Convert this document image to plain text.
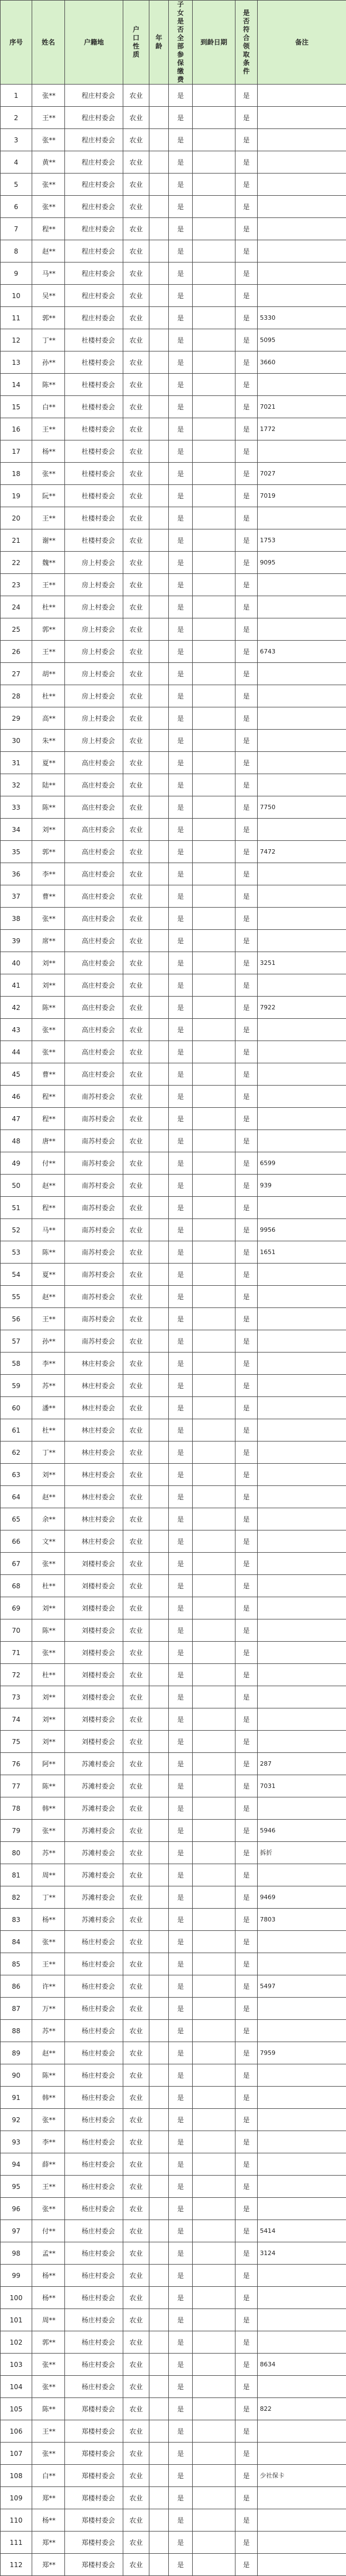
序号	姓名	户籍地	户口性质	年龄	子女是否全部参保缴费	到龄日期	是否符合领取条件	备注
1	张**	程庄村委会	农业		是		是	
2	王**	程庄村委会	农业		是		是	
3	张**	程庄村委会	农业		是		是	
4	黄**	程庄村委会	农业		是		是	
5	张**	程庄村委会	农业		是		是	
6	张**	程庄村委会	农业		是		是	
7	程**	程庄村委会	农业		是		是	
8	赵**	程庄村委会	农业		是		是	
9	马**	程庄村委会	农业		是		是	
10	吴**	程庄村委会	农业		是		是	
11	郭**	程庄村委会	农业		是		是	5330
12	丁**	杜楼村委会	农业		是		是	5095
13	孙**	杜楼村委会	农业		是		是	3660
14	陈**	杜楼村委会	农业		是		是	
15	白**	杜楼村委会	农业		是		是	7021
16	王**	杜楼村委会	农业		是		是	1772
17	杨**	杜楼村委会	农业		是		是	
18	张**	杜楼村委会	农业		是		是	7027
19	阮**	杜楼村委会	农业		是		是	7019
20	王**	杜楼村委会	农业		是		是	
21	谢**	杜楼村委会	农业		是		是	1753
22	魏**	房上村委会	农业		是		是	9095
23	王**	房上村委会	农业		是		是	
24	杜**	房上村委会	农业		是		是	
25	郭**	房上村委会	农业		是		是	
26	王**	房上村委会	农业		是		是	6743
27	胡**	房上村委会	农业		是		是	
28	杜**	房上村委会	农业		是		是	
29	高**	房上村委会	农业		是		是	
30	朱**	房上村委会	农业		是		是	
31	夏**	高庄村委会	农业		是		是	
32	陆**	高庄村委会	农业		是		是	
33	陈**	高庄村委会	农业		是		是	7750
34	刘**	高庄村委会	农业		是		是	
35	郭**	高庄村委会	农业		是		是	7472
36	李**	高庄村委会	农业		是		是	
37	曹**	高庄村委会	农业		是		是	
38	张**	高庄村委会	农业		是		是	
39	席**	高庄村委会	农业		是		是	
40	刘**	高庄村委会	农业		是		是	3251
41	刘**	高庄村委会	农业		是		是	
42	陈**	高庄村委会	农业		是		是	7922
43	张**	高庄村委会	农业		是		是	
44	张**	高庄村委会	农业		是		是	
45	曹**	高庄村委会	农业		是		是	
46	程**	南苏村委会	农业		是		是	
47	程**	南苏村委会	农业		是		是	
48	唐**	南苏村委会	农业		是		是	
49	付**	南苏村委会	农业		是		是	6599
50	赵**	南苏村委会	农业		是		是	939
51	程**	南苏村委会	农业		是		是	
52	马**	南苏村委会	农业		是		是	9956
53	陈**	南苏村委会	农业		是		是	1651
54	夏**	南苏村委会	农业		是		是	
55	赵**	南苏村委会	农业		是		是	
56	王**	南苏村委会	农业		是		是	
57	孙**	南苏村委会	农业		是		是	
58	李**	林庄村委会	农业		是		是	
59	苏**	林庄村委会	农业		是		是	
60	潘**	林庄村委会	农业		是		是	
61	杜**	林庄村委会	农业		是		是	
62	丁**	林庄村委会	农业		是		是	
63	刘**	林庄村委会	农业		是		是	
64	赵**	林庄村委会	农业		是		是	
65	余**	林庄村委会	农业		是		是	
66	文**	林庄村委会	农业		是		是	
67	张**	刘楼村委会	农业		是		是	
68	杜**	刘楼村委会	农业		是		是	
69	刘**	刘楼村委会	农业		是		是	
70	陈**	刘楼村委会	农业		是		是	
71	张**	刘楼村委会	农业		是		是	
72	杜**	刘楼村委会	农业		是		是	
73	刘**	刘楼村委会	农业		是		是	
74	刘**	刘楼村委会	农业		是		是	
75	刘**	刘楼村委会	农业		是		是	
76	阿**	苏滩村委会	农业		是		是	287
77	陈**	苏滩村委会	农业		是		是	7031
78	韩**	苏滩村委会	农业		是		是	
79	张**	苏滩村委会	农业		是		是	5946
80	苏**	苏滩村委会	农业		是		是	拆折
81	周**	苏滩村委会	农业		是		是	
82	丁**	苏滩村委会	农业		是		是	9469
83	杨**	苏滩村委会	农业		是		是	7803
84	张**	杨庄村委会	农业		是		是	
85	王**	杨庄村委会	农业		是		是	
86	许**	杨庄村委会	农业		是		是	5497
87	万**	杨庄村委会	农业		是		是	
88	苏**	杨庄村委会	农业		是		是	
89	赵**	杨庄村委会	农业		是		是	7959
90	陈**	杨庄村委会	农业		是		是	
91	韩**	杨庄村委会	农业		是		是	
92	张**	杨庄村委会	农业		是		是	
93	李**	杨庄村委会	农业		是		是	
94	薛**	杨庄村委会	农业		是		是	
95	王**	杨庄村委会	农业		是		是	
96	张**	杨庄村委会	农业		是		是	
97	付**	杨庄村委会	农业		是		是	5414
98	孟**	杨庄村委会	农业		是		是	3124
99	杨**	杨庄村委会	农业		是		是	
100	杨**	杨庄村委会	农业		是		是	
101	周**	杨庄村委会	农业		是		是	
102	郭**	杨庄村委会	农业		是		是	
103	张**	杨庄村委会	农业		是		是	8634
104	张**	杨庄村委会	农业		是		是	
105	陈**	郑楼村委会	农业		是		是	822
106	王**	郑楼村委会	农业		是		是	
107	张**	郑楼村委会	农业		是		是	
108	白**	郑楼村委会	农业		是		是	少社保卡
109	郑**	郑楼村委会	农业		是		是	
110	杨**	郑楼村委会	农业		是		是	
111	郑**	郑楼村委会	农业		是		是	
112	郑**	郑楼村委会	农业		是		是	
